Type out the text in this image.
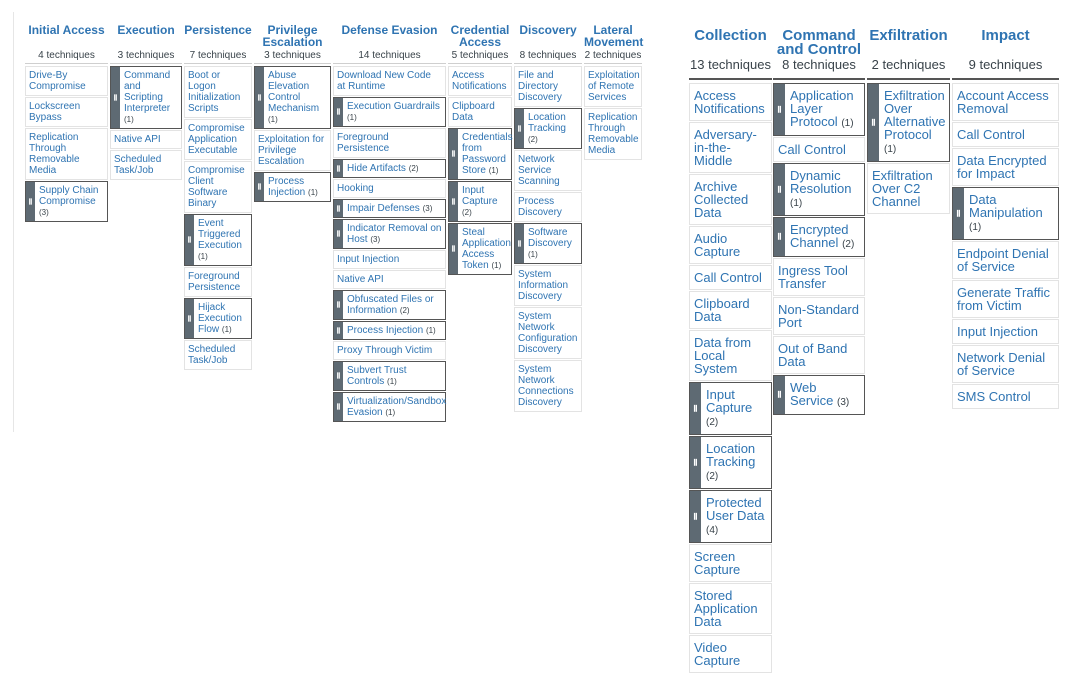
Initial Access
4 techniques
Drive-By Compromise
Lockscreen Bypass
Replication Through Removable Media
Ⅱ
Supply Chain Compromise (3)
Execution
3 techniques
Ⅱ
Command and Scripting Interpreter (1)
Native API
Scheduled Task/Job
Persistence
7 techniques
Boot or Logon Initialization Scripts
Compromise Application Executable
Compromise Client Software Binary
Ⅱ
Event Triggered Execution (1)
Foreground Persistence
Ⅱ
Hijack Execution Flow (1)
Scheduled Task/Job
Privilege Escalation
3 techniques
Ⅱ
Abuse Elevation Control Mechanism (1)
Exploitation for Privilege Escalation
Ⅱ
Process Injection (1)
Defense Evasion
14 techniques
Download New Code at Runtime
Ⅱ
Execution Guardrails (1)
Foreground Persistence
Ⅱ
Hide Artifacts (2)
Hooking
Ⅱ
Impair Defenses (3)
Ⅱ
Indicator Removal on Host (3)
Input Injection
Native API
Ⅱ
Obfuscated Files or Information (2)
Ⅱ
Process Injection (1)
Proxy Through Victim
Ⅱ
Subvert Trust Controls (1)
Ⅱ
Virtualization/Sandbox Evasion (1)
Credential Access
5 techniques
Access Notifications
Clipboard Data
Ⅱ
Credentials from Password Store (1)
Ⅱ
Input Capture (2)
Ⅱ
Steal Application Access Token (1)
Discovery
8 techniques
File and Directory Discovery
Ⅱ
Location Tracking (2)
Network Service Scanning
Process Discovery
Ⅱ
Software Discovery (1)
System Information Discovery
System Network Configuration Discovery
System Network Connections Discovery
Lateral Movement
2 techniques
Exploitation of Remote Services
Replication Through Removable Media
Collection
13 techniques
Access Notifications
Adversary-in-the-Middle
Archive Collected Data
Audio Capture
Call Control
Clipboard Data
Data from Local System
Ⅱ
Input Capture (2)
Ⅱ
Location Tracking (2)
Ⅱ
Protected User Data (4)
Screen Capture
Stored Application Data
Video Capture
Command and Control
8 techniques
Ⅱ
Application Layer Protocol (1)
Call Control
Ⅱ
Dynamic Resolution (1)
Ⅱ
Encrypted Channel (2)
Ingress Tool Transfer
Non-Standard Port
Out of Band Data
Ⅱ
Web Service (3)
Exfiltration
2 techniques
Ⅱ
Exfiltration Over Alternative Protocol (1)
Exfiltration Over C2 Channel
Impact
9 techniques
Account Access Removal
Call Control
Data Encrypted for Impact
Ⅱ
Data Manipulation (1)
Endpoint Denial of Service
Generate Traffic from Victim
Input Injection
Network Denial of Service
SMS Control
